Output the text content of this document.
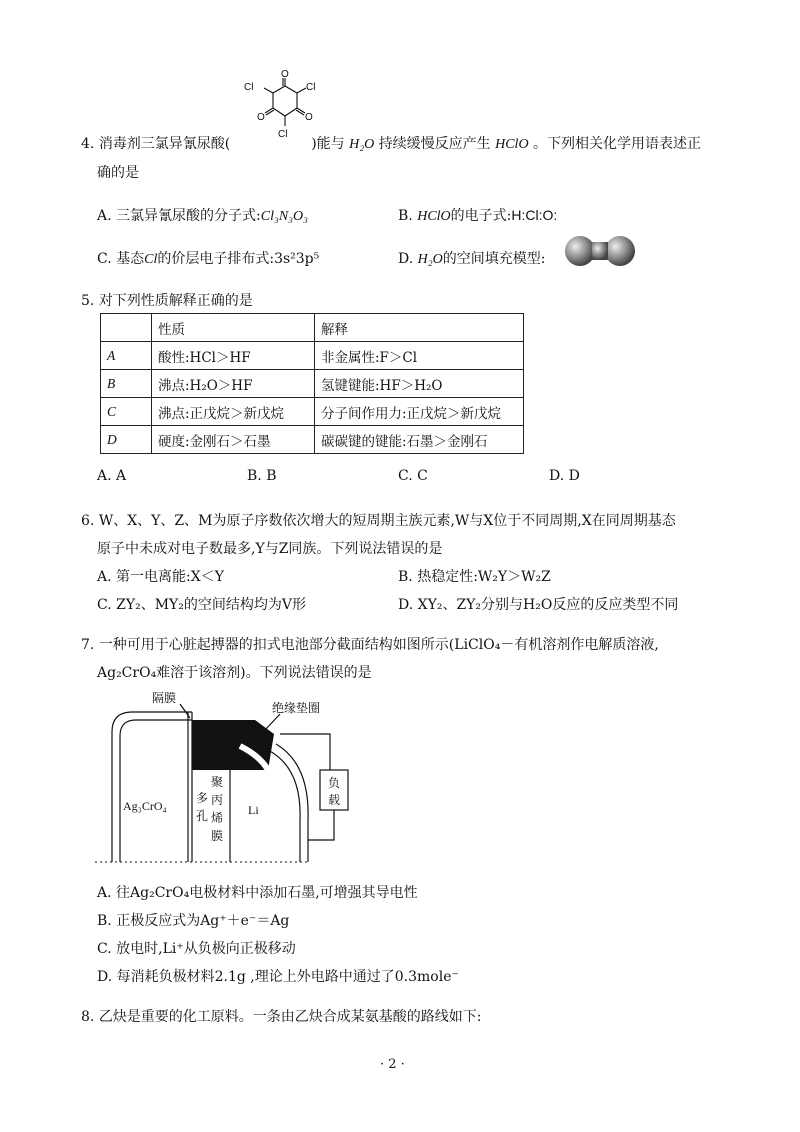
O
O	O
Cl	Cl
Cl
4. 消毒剂三氯异氰尿酸(	)能与 H₂O 持续缓慢反应产生 HClO 。下列相关化学用语表述正
确的是
A. 三氯异氰尿酸的分子式:Cl₃N₃O₃	B. HClO的电子式:H:Cl:O:
C. 基态Cl的价层电子排布式:3s²3p⁵	D. H₂O的空间填充模型:
5. 对下列性质解释正确的是
	性质	解释
A	酸性:HCl＞HF	非金属性:F＞Cl
B	沸点:H₂O＞HF	氢键键能:HF＞H₂O
C	沸点:正戊烷＞新戊烷	分子间作用力:正戊烷＞新戊烷
D	硬度:金刚石＞石墨	碳碳键的键能:石墨＞金刚石
A. A	B. B	C. C	D. D
6. W、X、Y、Z、M为原子序数依次增大的短周期主族元素,W与X位于不同周期,X在同周期基态
原子中未成对电子数最多,Y与Z同族。下列说法错误的是
A. 第一电离能:X＜Y	B. 热稳定性:W₂Y＞W₂Z
C. ZY₂、MY₂的空间结构均为V形	D. XY₂、ZY₂分别与H₂O反应的反应类型不同
7. 一种可用于心脏起搏器的扣式电池部分截面结构如图所示(LiClO₄－有机溶剂作电解质溶液,
Ag₂CrO₄难溶于该溶剂)。下列说法错误的是
隔膜
绝缘垫圈
Ag₃CrO₄	Li
多
孔
聚
丙
烯
膜
负
载
A. 往Ag₂CrO₄电极材料中添加石墨,可增强其导电性
B. 正极反应式为Ag⁺＋e⁻＝Ag
C. 放电时,Li⁺从负极向正极移动
D. 每消耗负极材料2.1g ,理论上外电路中通过了0.3mole⁻
8. 乙炔是重要的化工原料。一条由乙炔合成某氨基酸的路线如下:
· 2 ·
